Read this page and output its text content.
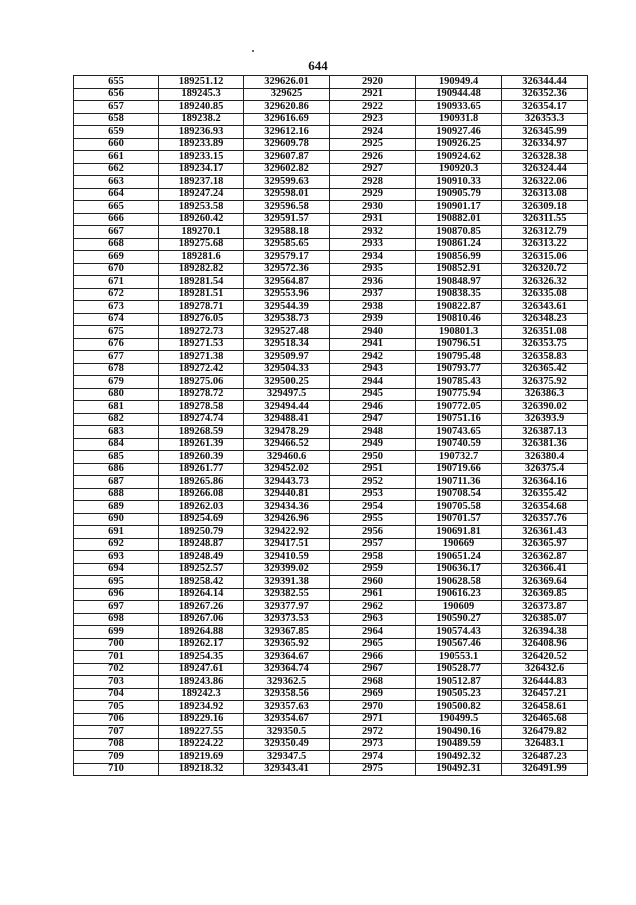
644
655	189251.12	329626.01	2920	190949.4	326344.44
656	189245.3	329625	2921	190944.48	326352.36
657	189240.85	329620.86	2922	190933.65	326354.17
658	189238.2	329616.69	2923	190931.8	326353.3
659	189236.93	329612.16	2924	190927.46	326345.99
660	189233.89	329609.78	2925	190926.25	326334.97
661	189233.15	329607.87	2926	190924.62	326328.38
662	189234.17	329602.82	2927	190920.3	326324.44
663	189237.18	329599.63	2928	190910.33	326322.06
664	189247.24	329598.01	2929	190905.79	326313.08
665	189253.58	329596.58	2930	190901.17	326309.18
666	189260.42	329591.57	2931	190882.01	326311.55
667	189270.1	329588.18	2932	190870.85	326312.79
668	189275.68	329585.65	2933	190861.24	326313.22
669	189281.6	329579.17	2934	190856.99	326315.06
670	189282.82	329572.36	2935	190852.91	326320.72
671	189281.54	329564.87	2936	190848.97	326326.32
672	189281.51	329553.96	2937	190838.35	326335.08
673	189278.71	329544.39	2938	190822.87	326343.61
674	189276.05	329538.73	2939	190810.46	326348.23
675	189272.73	329527.48	2940	190801.3	326351.08
676	189271.53	329518.34	2941	190796.51	326353.75
677	189271.38	329509.97	2942	190795.48	326358.83
678	189272.42	329504.33	2943	190793.77	326365.42
679	189275.06	329500.25	2944	190785.43	326375.92
680	189278.72	329497.5	2945	190775.94	326386.3
681	189278.58	329494.44	2946	190772.05	326390.02
682	189274.74	329488.41	2947	190751.16	326393.9
683	189268.59	329478.29	2948	190743.65	326387.13
684	189261.39	329466.52	2949	190740.59	326381.36
685	189260.39	329460.6	2950	190732.7	326380.4
686	189261.77	329452.02	2951	190719.66	326375.4
687	189265.86	329443.73	2952	190711.36	326364.16
688	189266.08	329440.81	2953	190708.54	326355.42
689	189262.03	329434.36	2954	190705.58	326354.68
690	189254.69	329426.96	2955	190701.57	326357.76
691	189250.79	329422.92	2956	190691.81	326361.43
692	189248.87	329417.51	2957	190669	326365.97
693	189248.49	329410.59	2958	190651.24	326362.87
694	189252.57	329399.02	2959	190636.17	326366.41
695	189258.42	329391.38	2960	190628.58	326369.64
696	189264.14	329382.55	2961	190616.23	326369.85
697	189267.26	329377.97	2962	190609	326373.87
698	189267.06	329373.53	2963	190590.27	326385.07
699	189264.88	329367.85	2964	190574.43	326394.38
700	189262.17	329365.92	2965	190567.46	326408.96
701	189254.35	329364.67	2966	190553.1	326420.52
702	189247.61	329364.74	2967	190528.77	326432.6
703	189243.86	329362.5	2968	190512.87	326444.83
704	189242.3	329358.56	2969	190505.23	326457.21
705	189234.92	329357.63	2970	190500.82	326458.61
706	189229.16	329354.67	2971	190499.5	326465.68
707	189227.55	329350.5	2972	190490.16	326479.82
708	189224.22	329350.49	2973	190489.59	326483.1
709	189219.69	329347.5	2974	190492.32	326487.23
710	189218.32	329343.41	2975	190492.31	326491.99
